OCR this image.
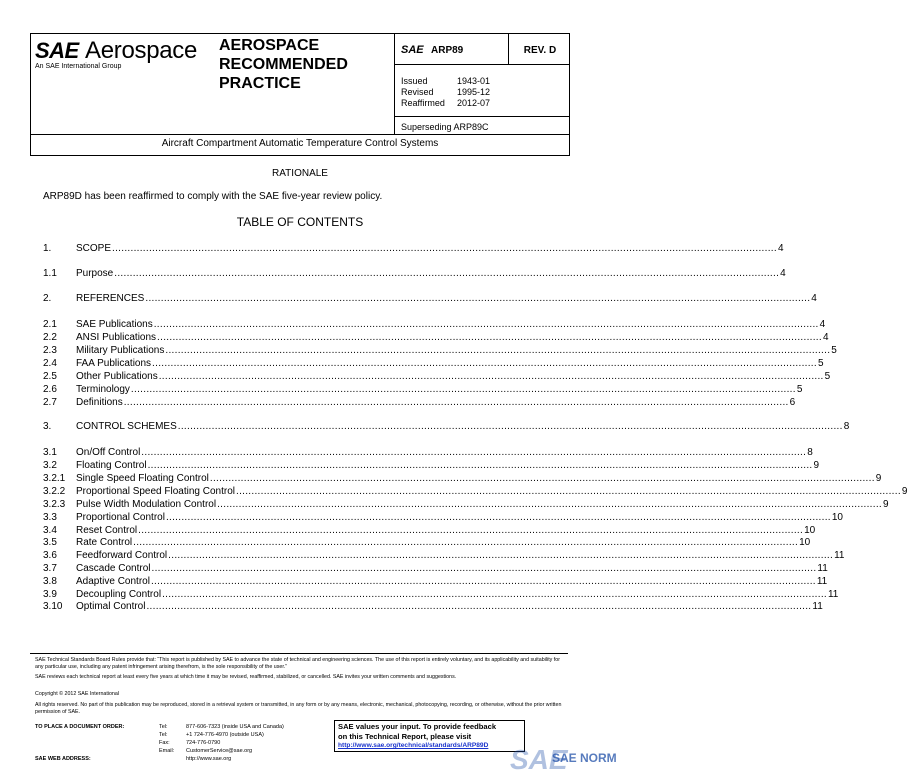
SAE Aerospace
An SAE International Group
AEROSPACE
RECOMMENDED
PRACTICE
SAE ARP89	REV. D
Issued	1943-01
Revised	1995-12
Reaffirmed	2012-07
Superseding ARP89C
Aircraft Compartment Automatic Temperature Control Systems
RATIONALE
ARP89D has been reaffirmed to comply with the SAE five-year review policy.
TABLE OF CONTENTS
1.	SCOPE .....	4
1.1	Purpose .....	4
2.	REFERENCES .....	4
2.1	SAE Publications .....	4
2.2	ANSI Publications .....	4
2.3	Military Publications .....	5
2.4	FAA Publications .....	5
2.5	Other Publications .....	5
2.6	Terminology .....	5
2.7	Definitions .....	6
3.	CONTROL SCHEMES .....	8
3.1	On/Off Control .....	8
3.2	Floating Control .....	9
3.2.1	Single Speed Floating Control .....	9
3.2.2	Proportional Speed Floating Control .....	9
3.2.3	Pulse Width Modulation Control .....	9
3.3	Proportional Control .....	10
3.4	Reset Control .....	10
3.5	Rate Control .....	10
3.6	Feedforward Control .....	11
3.7	Cascade Control .....	11
3.8	Adaptive Control .....	11
3.9	Decoupling Control .....	11
3.10	Optimal Control .....	11
SAE Technical Standards Board Rules provide that: “This report is published by SAE to advance the state of technical and engineering sciences. The use of this report is entirely voluntary, and its applicability and suitability for any particular use, including any patent infringement arising therefrom, is the sole responsibility of the user.”
SAE reviews each technical report at least every five years at which time it may be revised, reaffirmed, stabilized, or cancelled. SAE invites your written comments and suggestions.
Copyright © 2012 SAE International
All rights reserved. No part of this publication may be reproduced, stored in a retrieval system or transmitted, in any form or by any means, electronic, mechanical, photocopying, recording, or otherwise, without the prior written permission of SAE.
TO PLACE A DOCUMENT ORDER:	Tel:	877-606-7323 (inside USA and Canada)
Tel:	+1 724-776-4970 (outside USA)
Fax:	724-776-0790
Email: CustomerService@sae.org
SAE WEB ADDRESS:	http://www.sae.org
SAE values your input. To provide feedback
on this Technical Report, please visit
http://www.sae.org/technical/standards/ARP89D SAE
SAE NORM
